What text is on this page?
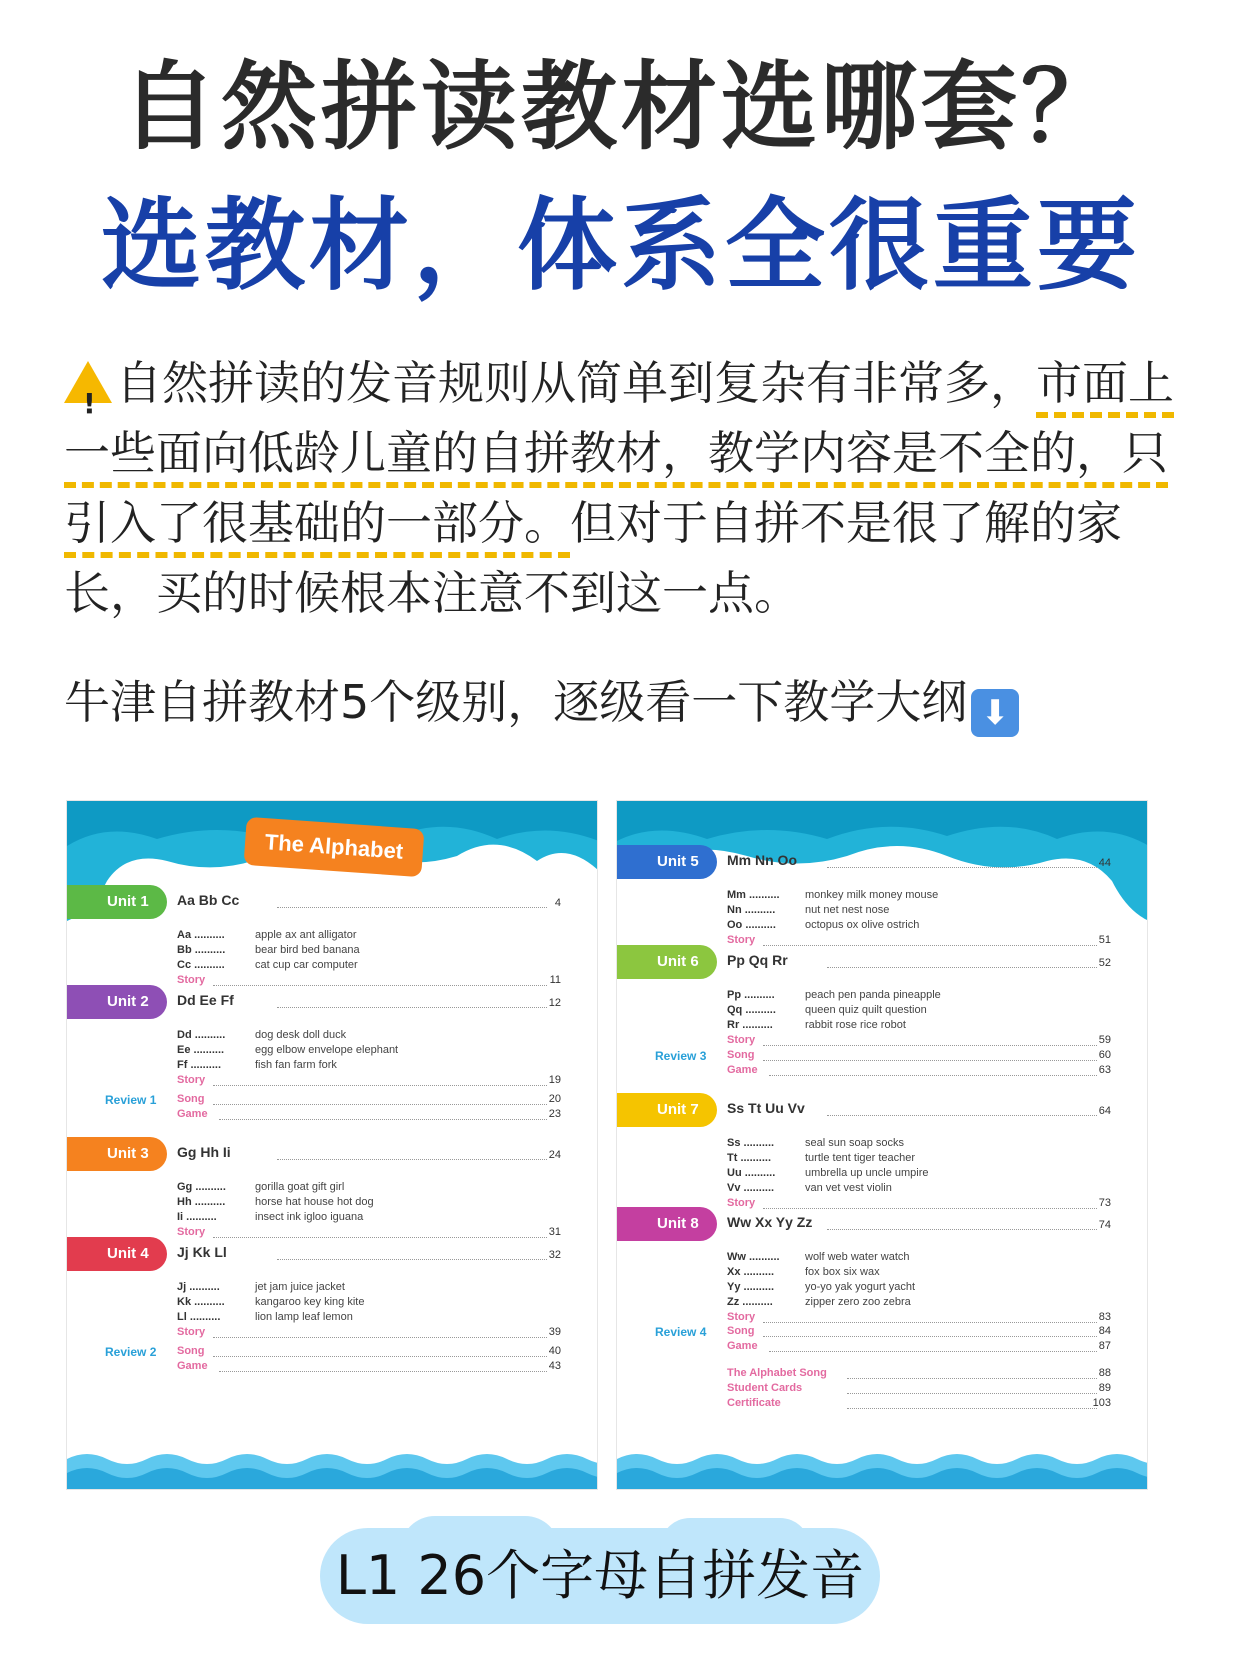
自然拼读教材选哪套？
选教材，体系全很重要
!自然拼读的发音规则从简单到复杂有非常多，市面上一些面向低龄儿童的自拼教材，教学内容是不全的，只引入了很基础的一部分。但对于自拼不是很了解的家长，买的时候根本注意不到这一点。
牛津自拼教材5个级别，逐级看一下教学大纲 ⬇
The Alphabet
Unit 1	Aa Bb Cc	4
Aa ..........	apple ax ant alligator
Bb ..........	bear bird bed banana
Cc ..........	cat cup car computer
Story	11
Unit 2	Dd Ee Ff	12
Dd ..........	dog desk doll duck
Ee ..........	egg elbow envelope elephant
Ff ..........	fish fan farm fork
Story	19
Review 1 Song	20
Game	23
Unit 3	Gg Hh Ii	24
Gg ..........	gorilla goat gift girl
Hh ..........	horse hat house hot dog
Ii ..........	insect ink igloo iguana
Story	31
Unit 4	Jj Kk Ll	32
Jj ..........	jet jam juice jacket
Kk ..........	kangaroo key king kite
Ll ..........	lion lamp leaf lemon
Story	39
Review 2 Song	40
Game	43
Unit 5	Mm Nn Oo	44
Mm .......... monkey milk money mouse
Nn ..........	nut net nest nose
Oo ..........	octopus ox olive ostrich
Story	51
Unit 6	Pp Qq Rr	52
Pp ..........	peach pen panda pineapple
Qq ..........	queen quiz quilt question
Rr ..........	rabbit rose rice robot
Story	59
Review 3 Song	60
Game	63
Unit 7	Ss Tt Uu Vv	64
Ss ..........	seal sun soap socks
Tt ..........	turtle tent tiger teacher
Uu ..........	umbrella up uncle umpire
Vv ..........	van vet vest violin
Story	73
Unit 8	Ww Xx Yy Zz	74
Ww .......... wolf web water watch
Xx ..........	fox box six wax
Yy ..........	yo-yo yak yogurt yacht
Zz ..........	zipper zero zoo zebra
Story	83
Review 4 Song	84
Game	87
The Alphabet Song	88
Student Cards	89
Certificate	103
L1 26个字母自拼发音
